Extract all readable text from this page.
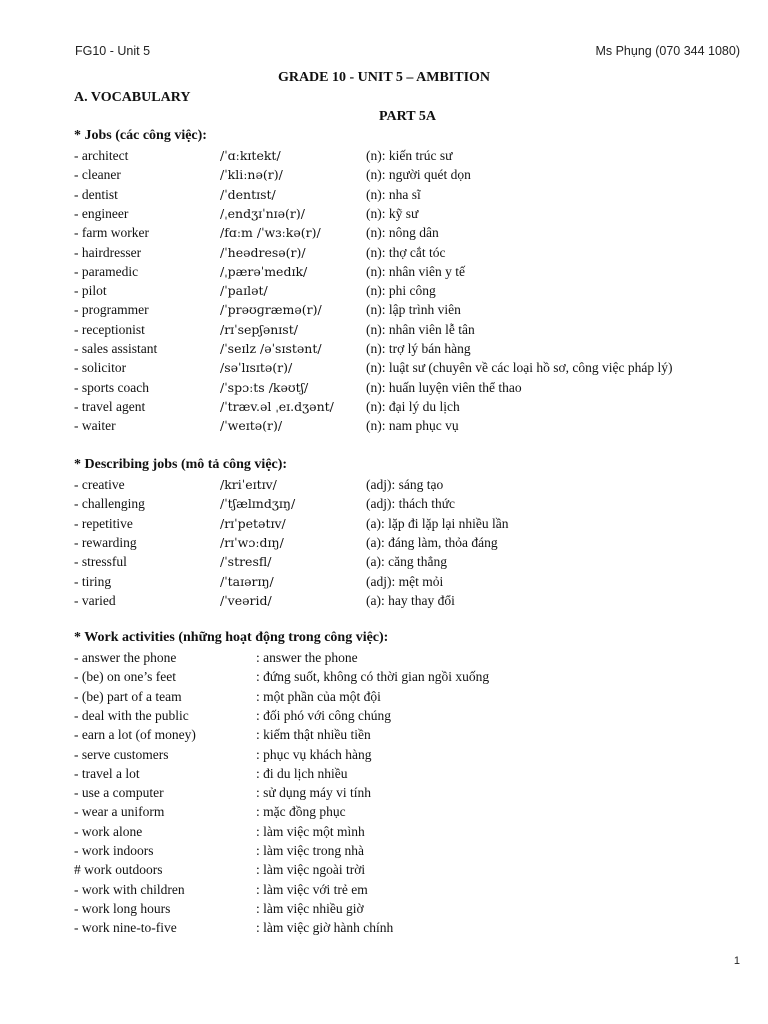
FG10 - Unit 5	Ms Phụng (070 344 1080)
GRADE 10 - UNIT 5 – AMBITION
A. VOCABULARY
PART 5A
* Jobs (các công việc):
- architect	/ˈɑːkɪtekt/	(n): kiến trúc sư
- cleaner	/ˈkliːnə(r)/	(n): người quét dọn
- dentist	/ˈdentɪst/	(n): nha sĩ
- engineer	/ˌendʒɪˈnɪə(r)/	(n): kỹ sư
- farm worker	/fɑːm /ˈwɜːkə(r)/	(n): nông dân
- hairdresser	/ˈheədresə(r)/	(n): thợ cắt tóc
- paramedic	/ˌpærəˈmedɪk/	(n): nhân viên y tế
- pilot	/ˈpaɪlət/	(n): phi công
- programmer	/ˈprəʊɡræmə(r)/	(n): lập trình viên
- receptionist	/rɪˈsepʃənɪst/	(n): nhân viên lễ tân
- sales assistant	/ˈseɪlz /əˈsɪstənt/	(n): trợ lý bán hàng
- solicitor	/səˈlɪsɪtə(r)/	(n): luật sư (chuyên về các loại hồ sơ, công việc pháp lý)
- sports coach	/ˈspɔːts /kəʊtʃ/	(n): huấn luyện viên thể thao
- travel agent	/ˈtræv.əl ˌeɪ.dʒənt/ (n): đại lý du lịch
- waiter	/ˈweɪtə(r)/	(n): nam phục vụ
* Describing jobs (mô tả công việc):
- creative	/kriˈeɪtɪv/	(adj): sáng tạo
- challenging	/ˈtʃælɪndʒɪŋ/	(adj): thách thức
- repetitive	/rɪˈpetətɪv/	(a): lặp đi lặp lại nhiều lần
- rewarding	/rɪˈwɔːdɪŋ/	(a): đáng làm, thỏa đáng
- stressful	/ˈstresfl/	(a): căng thẳng
- tiring	/ˈtaɪərɪŋ/	(adj): mệt mỏi
- varied	/ˈveərid/	(a): hay thay đổi
* Work activities (những hoạt động trong công việc):
- answer the phone	: answer the phone
- (be) on one’s feet	: đứng suốt, không có thời gian ngồi xuống
- (be) part of a team	: một phần của một đội
- deal with the public	: đối phó với công chúng
- earn a lot (of money)	: kiếm thật nhiều tiền
- serve customers	: phục vụ khách hàng
- travel a lot	: đi du lịch nhiều
- use a computer	: sử dụng máy vi tính
- wear a uniform	: mặc đồng phục
- work alone	: làm việc một mình
- work indoors	: làm việc trong nhà
# work outdoors	: làm việc ngoài trời
- work with children	: làm việc với trẻ em
- work long hours	: làm việc nhiều giờ
- work nine-to-five	: làm việc giờ hành chính
1
